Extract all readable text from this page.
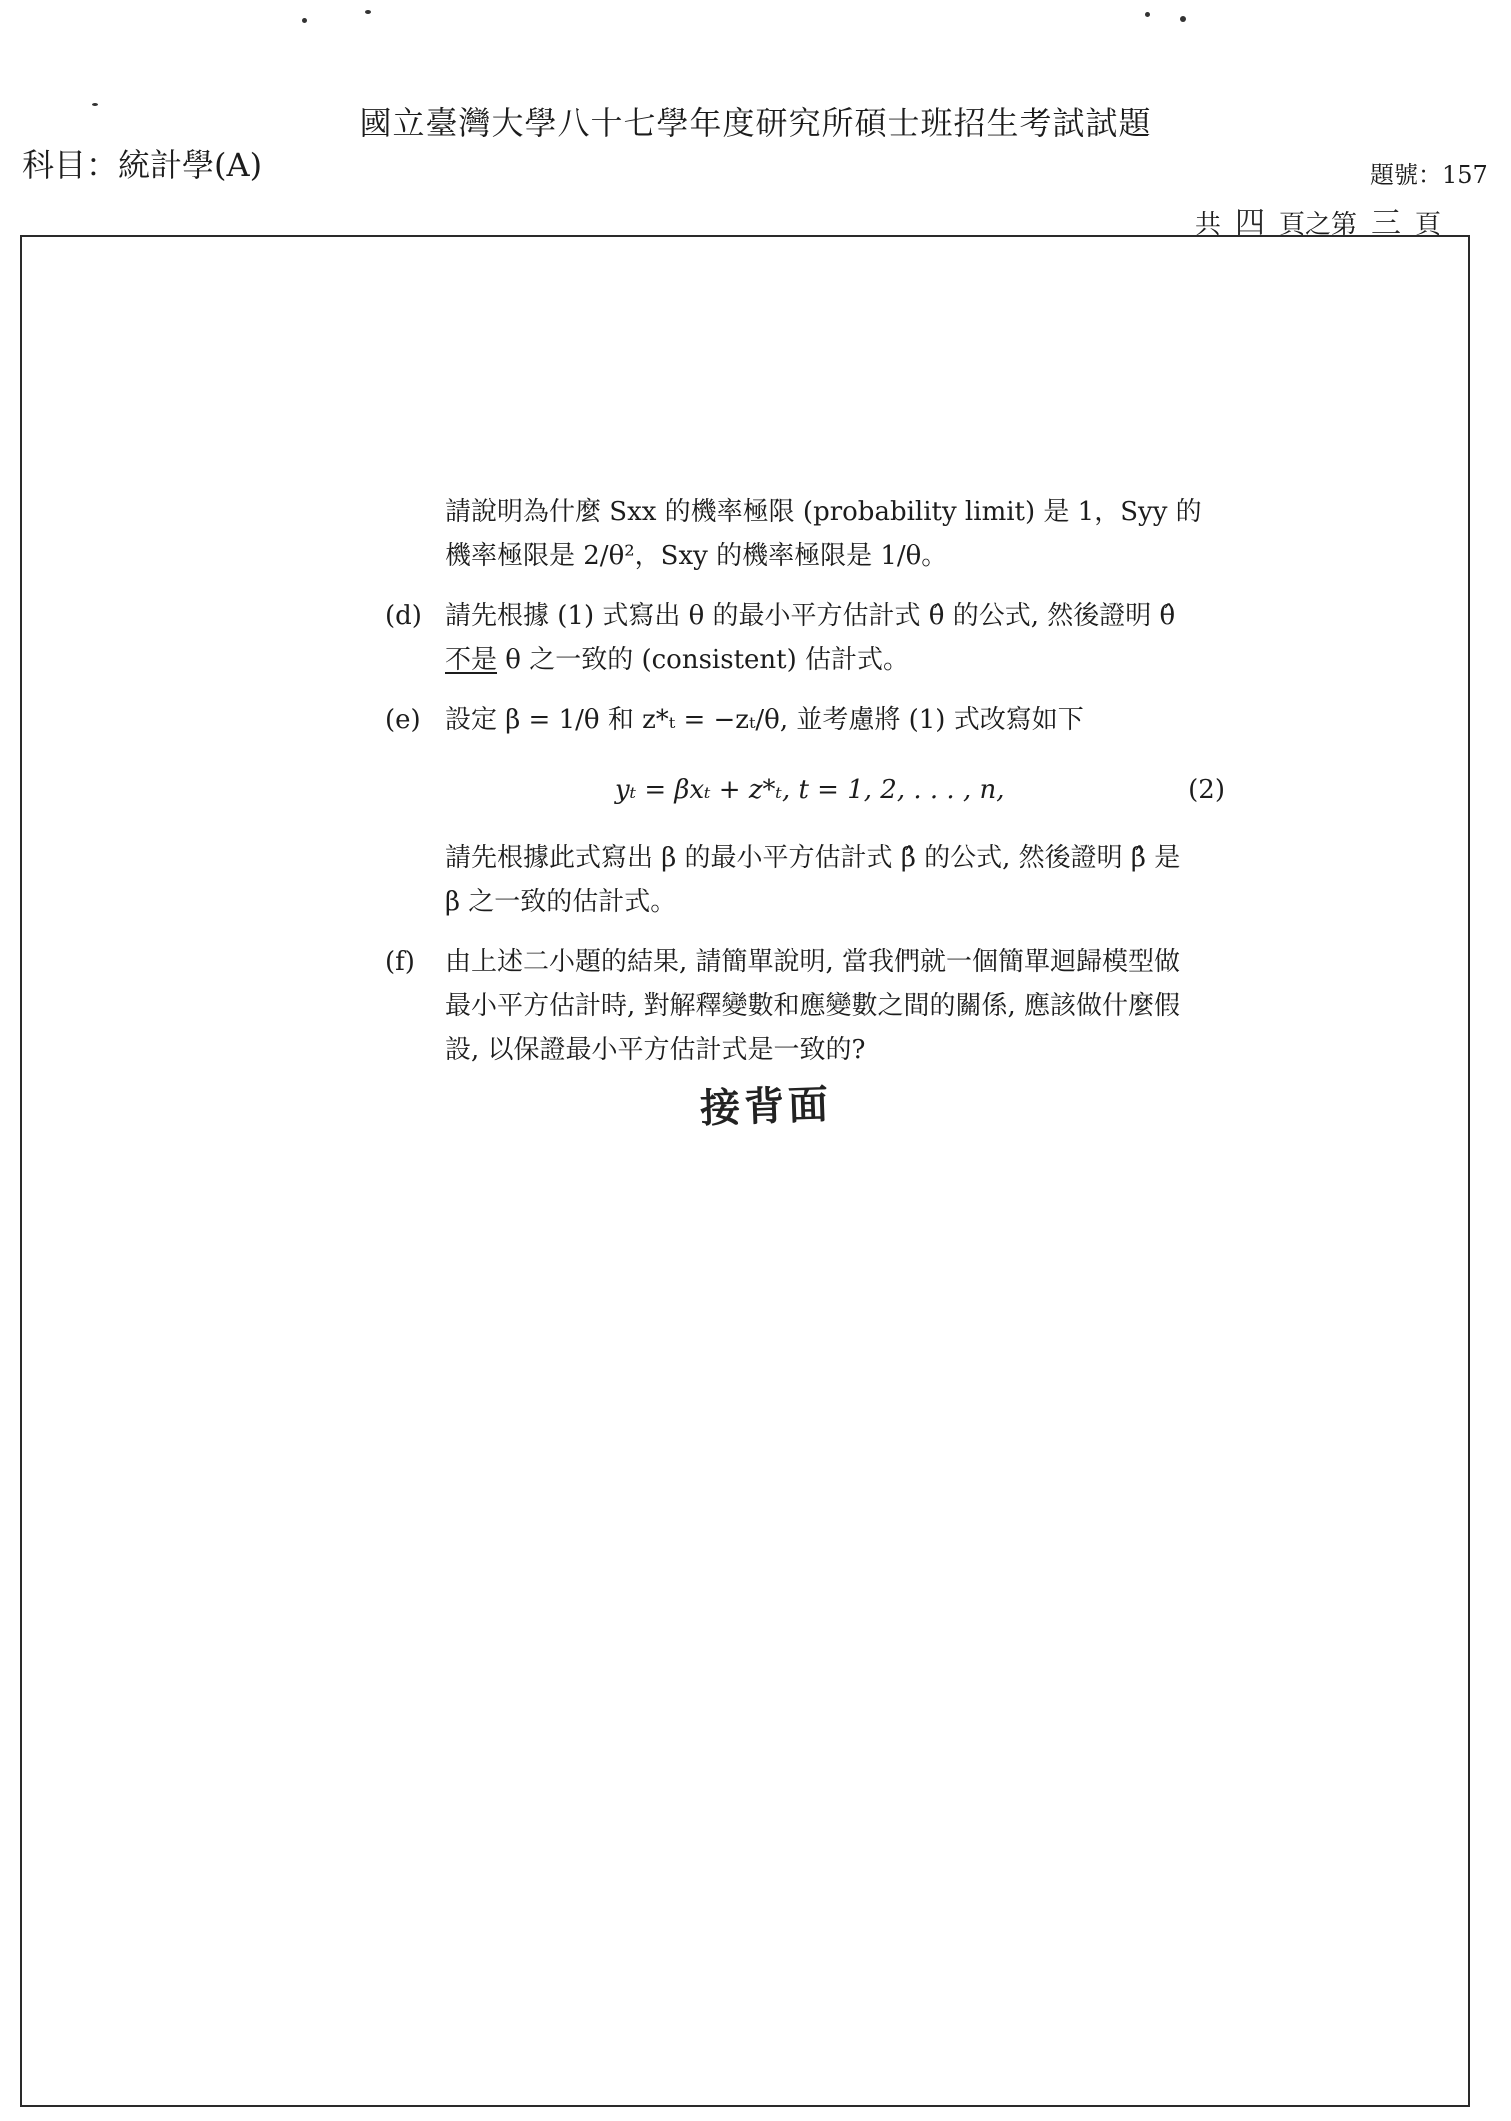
國立臺灣大學八十七學年度研究所碩士班招生考試試題
科目：統計學(A)	題號：157
共 四 頁之第 三 頁

請說明為什麼 Sxx 的機率極限 (probability limit) 是 1，Syy 的

機率極限是 2/θ²，Sxy 的機率極限是 1/θ。

(d) 請先根據 (1) 式寫出 θ 的最小平方估計式 θ̂ 的公式, 然後證明 θ̂
不是 θ 之一致的 (consistent) 估計式。
(e) 設定 β = 1/θ 和 z*ₜ = −zₜ/θ, 並考慮將 (1) 式改寫如下
yₜ = βxₜ + z*ₜ, t = 1, 2, . . . , n,	(2)
請先根據此式寫出 β 的最小平方估計式 β̂ 的公式, 然後證明 β̂ 是
β 之一致的估計式。
(f) 由上述二小題的結果, 請簡單說明, 當我們就一個簡單迴歸模型做
最小平方估計時, 對解釋變數和應變數之間的關係, 應該做什麼假
設, 以保證最小平方估計式是一致的?
接背面
